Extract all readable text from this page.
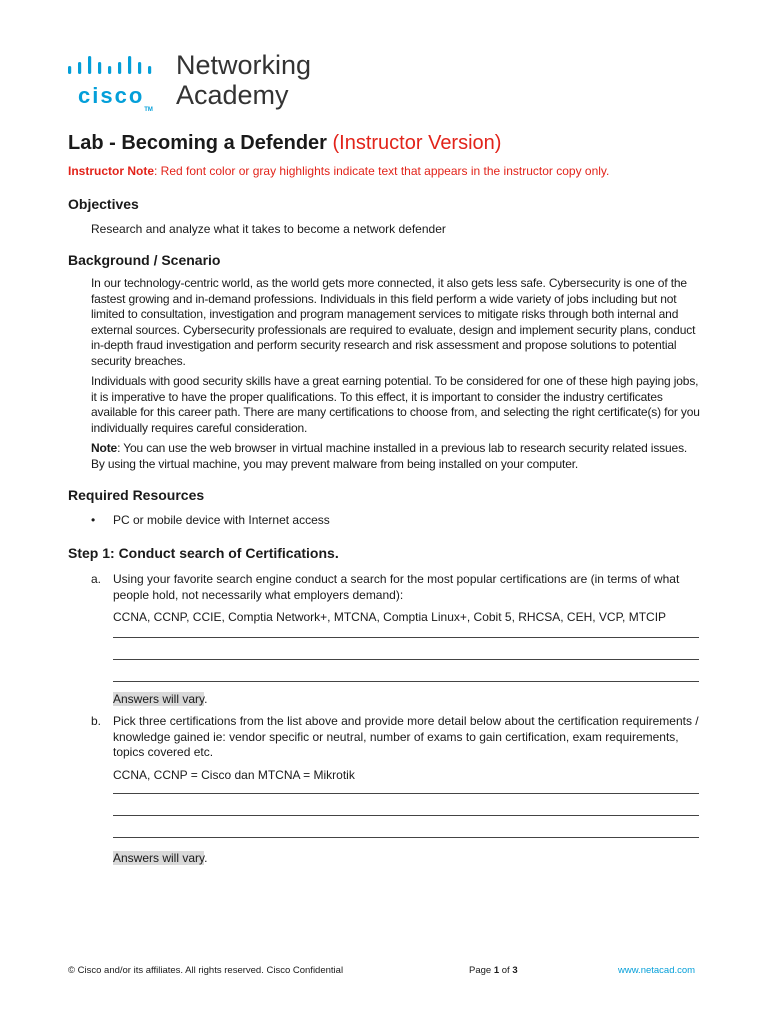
cisco™
Networking
Academy
Lab - Becoming a Defender (Instructor Version)
Instructor Note: Red font color or gray highlights indicate text that appears in the instructor copy only.
Objectives
Research and analyze what it takes to become a network defender
Background / Scenario
In our technology-centric world, as the world gets more connected, it also gets less safe. Cybersecurity is one of the fastest growing and in-demand professions. Individuals in this field perform a wide variety of jobs including but not limited to consultation, investigation and program management services to mitigate risks through both internal and external sources. Cybersecurity professionals are required to evaluate, design and implement security plans, conduct in-depth fraud investigation and perform security research and risk assessment and propose solutions to potential security breaches.
Individuals with good security skills have a great earning potential. To be considered for one of these high paying jobs, it is imperative to have the proper qualifications. To this effect, it is important to consider the industry certificates available for this career path. There are many certifications to choose from, and selecting the right certificate(s) for you individually requires careful consideration.
Note: You can use the web browser in virtual machine installed in a previous lab to research security related issues. By using the virtual machine, you may prevent malware from being installed on your computer.
Required Resources
• PC or mobile device with Internet access
Step 1: Conduct search of Certifications.
a. Using your favorite search engine conduct a search for the most popular certifications are (in terms of what people hold, not necessarily what employers demand):
CCNA, CCNP, CCIE, Comptia Network+, MTCNA, Comptia Linux+, Cobit 5, RHCSA, CEH, VCP, MTCIP
Answers will vary.
b. Pick three certifications from the list above and provide more detail below about the certification requirements / knowledge gained ie: vendor specific or neutral, number of exams to gain certification, exam requirements, topics covered etc.
CCNA, CCNP = Cisco dan MTCNA = Mikrotik
Answers will vary.
© Cisco and/or its affiliates. All rights reserved. Cisco Confidential	Page 1 of 3	www.netacad.com
